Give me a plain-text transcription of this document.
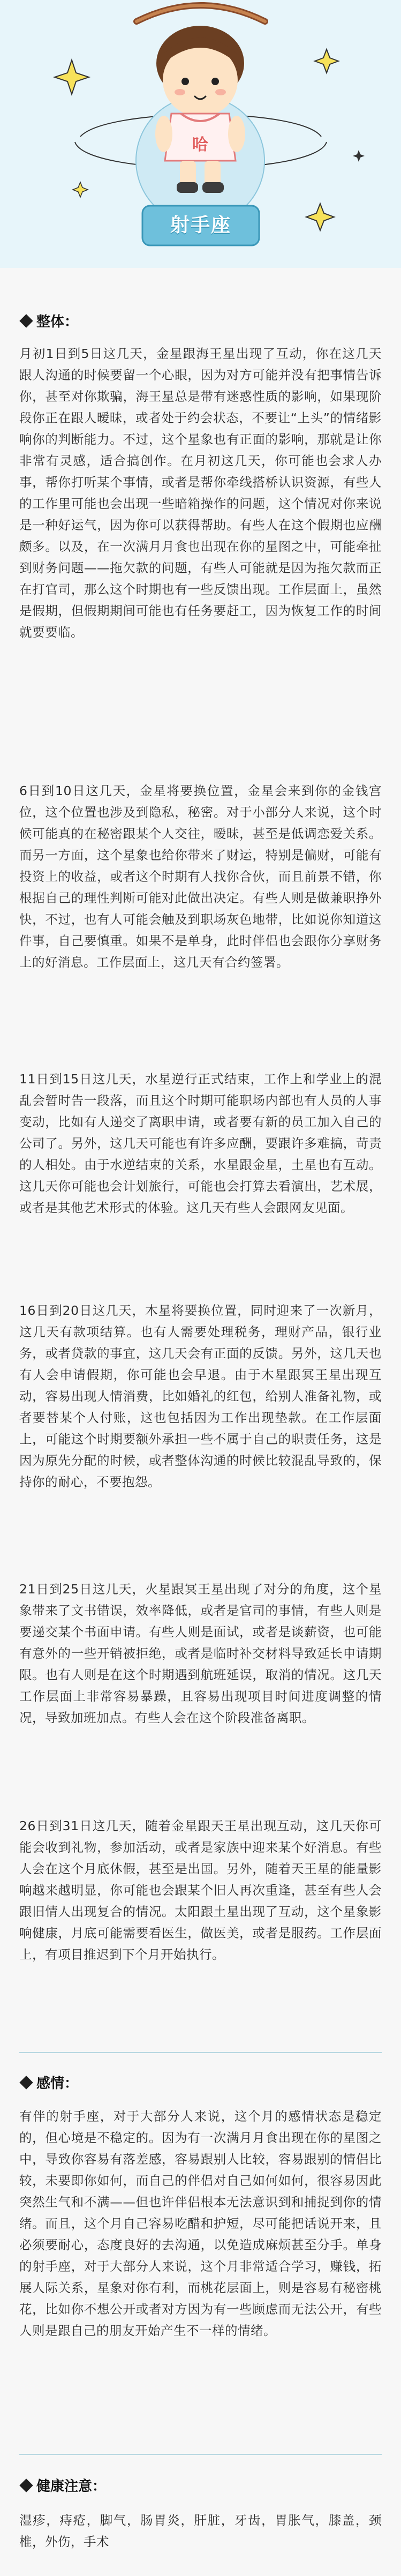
哈
射手座
整体：

月初1日到5日这几天，金星跟海王星出现了互动，你在这几天跟人沟通的时候要留一个心眼，因为对方可能并没有把事情告诉你，甚至对你欺骗，海王星总是带有迷惑性质的影响，如果现阶段你正在跟人暧昧，或者处于约会状态，不要让“上头”的情绪影响你的判断能力。不过，这个星象也有正面的影响，那就是让你非常有灵感，适合搞创作。在月初这几天，你可能也会求人办事，帮你打听某个事情，或者是帮你牵线搭桥认识资源，有些人的工作里可能也会出现一些暗箱操作的问题，这个情况对你来说是一种好运气，因为你可以获得帮助。有些人在这个假期也应酬颇多。以及，在一次满月月食也出现在你的星图之中，可能牵扯到财务问题——拖欠款的问题，有些人可能就是因为拖欠款而正在打官司，那么这个时期也有一些反馈出现。工作层面上，虽然是假期，但假期期间可能也有任务要赶工，因为恢复工作的时间就要要临。

6日到10日这几天，金星将要换位置，金星会来到你的金钱宫位，这个位置也涉及到隐私，秘密。对于小部分人来说，这个时候可能真的在秘密跟某个人交往，暧昧，甚至是低调恋爱关系。而另一方面，这个星象也给你带来了财运，特别是偏财，可能有投资上的收益，或者这个时期有人找你合伙，而且前景不错，你根据自己的理性判断可能对此做出决定。有些人则是做兼职挣外快，不过，也有人可能会触及到职场灰色地带，比如说你知道这件事，自己要慎重。如果不是单身，此时伴侣也会跟你分享财务上的好消息。工作层面上，这几天有合约签署。

11日到15日这几天，水星逆行正式结束，工作上和学业上的混乱会暂时告一段落，而且这个时期可能职场内部也有人员的人事变动，比如有人递交了离职申请，或者要有新的员工加入自己的公司了。另外，这几天可能也有许多应酬，要跟许多难搞，苛责的人相处。由于水逆结束的关系，水星跟金星，土星也有互动。这几天你可能也会计划旅行，可能也会打算去看演出，艺术展，或者是其他艺术形式的体验。这几天有些人会跟网友见面。

16日到20日这几天，木星将要换位置，同时迎来了一次新月，这几天有款项结算。也有人需要处理税务，理财产品，银行业务，或者贷款的事宜，这几天会有正面的反馈。另外，这几天也有人会申请假期，你可能也会早退。由于木星跟冥王星出现互动，容易出现人情消费，比如婚礼的红包，给别人准备礼物，或者要替某个人付账，这也包括因为工作出现垫款。在工作层面上，可能这个时期要额外承担一些不属于自己的职责任务，这是因为原先分配的时候，或者整体沟通的时候比较混乱导致的，保持你的耐心，不要抱怨。

21日到25日这几天，火星跟冥王星出现了对分的角度，这个星象带来了文书错误，效率降低，或者是官司的事情，有些人则是要递交某个书面申请。有些人则是面试，或者是谈薪资，也可能有意外的一些开销被拒绝，或者是临时补交材料导致延长申请期限。也有人则是在这个时期遇到航班延误，取消的情况。这几天工作层面上非常容易暴躁，且容易出现项目时间进度调整的情况，导致加班加点。有些人会在这个阶段准备离职。

26日到31日这几天，随着金星跟天王星出现互动，这几天你可能会收到礼物，参加活动，或者是家族中迎来某个好消息。有些人会在这个月底休假，甚至是出国。另外，随着天王星的能量影响越来越明显，你可能也会跟某个旧人再次重逢，甚至有些人会跟旧情人出现复合的情况。太阳跟土星出现了互动，这个星象影响健康，月底可能需要看医生，做医美，或者是服药。工作层面上，有项目推迟到下个月开始执行。

感情：

有伴的射手座，对于大部分人来说，这个月的感情状态是稳定的，但心境是不稳定的。因为有一次满月月食出现在你的星图之中，导致你容易有落差感，容易跟别人比较，容易跟别的情侣比较，未要即你如何，而自己的伴侣对自己如何如何，很容易因此突然生气和不满——但也许伴侣根本无法意识到和捕捉到你的情绪。而且，这个月自己容易吃醋和护短，尽可能把话说开来，且必须要耐心，态度良好的去沟通，以免造成麻烦甚至分手。单身的射手座，对于大部分人来说，这个月非常适合学习，赚钱，拓展人际关系，星象对你有利，而桃花层面上，则是容易有秘密桃花，比如你不想公开或者对方因为有一些顾虑而无法公开，有些人则是跟自己的朋友开始产生不一样的情绪。

健康注意：

湿疹，痔疮，脚气，肠胃炎，肝脏，牙齿，胃胀气，膝盖，颈椎，外伤，手术
